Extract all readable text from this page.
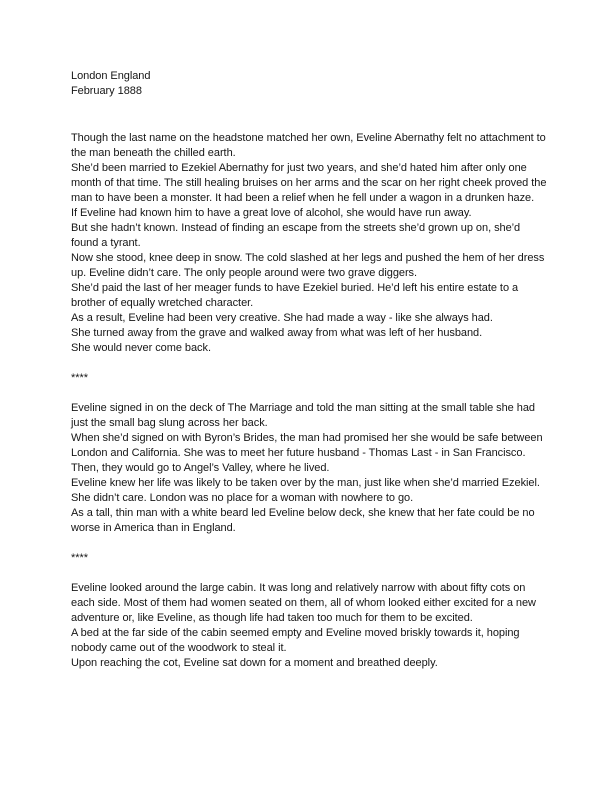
London England

February 1888

Though the last name on the headstone matched her own, Eveline Abernathy felt no attachment to the man beneath the chilled earth.

She’d been married to Ezekiel Abernathy for just two years, and she’d hated him after only one month of that time. The still healing bruises on her arms and the scar on her right cheek proved the man to have been a monster. It had been a relief when he fell under a wagon in a drunken haze.

If Eveline had known him to have a great love of alcohol, she would have run away.

But she hadn’t known. Instead of finding an escape from the streets she’d grown up on, she’d found a tyrant.

Now she stood, knee deep in snow. The cold slashed at her legs and pushed the hem of her dress up. Eveline didn’t care. The only people around were two grave diggers.

She’d paid the last of her meager funds to have Ezekiel buried. He’d left his entire estate to a brother of equally wretched character.

As a result, Eveline had been very creative. She had made a way - like she always had.

She turned away from the grave and walked away from what was left of her husband.

She would never come back.

****

Eveline signed in on the deck of The Marriage and told the man sitting at the small table she had just the small bag slung across her back.

When she’d signed on with Byron’s Brides, the man had promised her she would be safe between London and California. She was to meet her future husband - Thomas Last - in San Francisco. Then, they would go to Angel’s Valley, where he lived.

Eveline knew her life was likely to be taken over by the man, just like when she’d married Ezekiel.

She didn’t care. London was no place for a woman with nowhere to go.

As a tall, thin man with a white beard led Eveline below deck, she knew that her fate could be no worse in America than in England.

****

Eveline looked around the large cabin. It was long and relatively narrow with about fifty cots on each side. Most of them had women seated on them, all of whom looked either excited for a new adventure or, like Eveline, as though life had taken too much for them to be excited.

A bed at the far side of the cabin seemed empty and Eveline moved briskly towards it, hoping nobody came out of the woodwork to steal it.

Upon reaching the cot, Eveline sat down for a moment and breathed deeply.
